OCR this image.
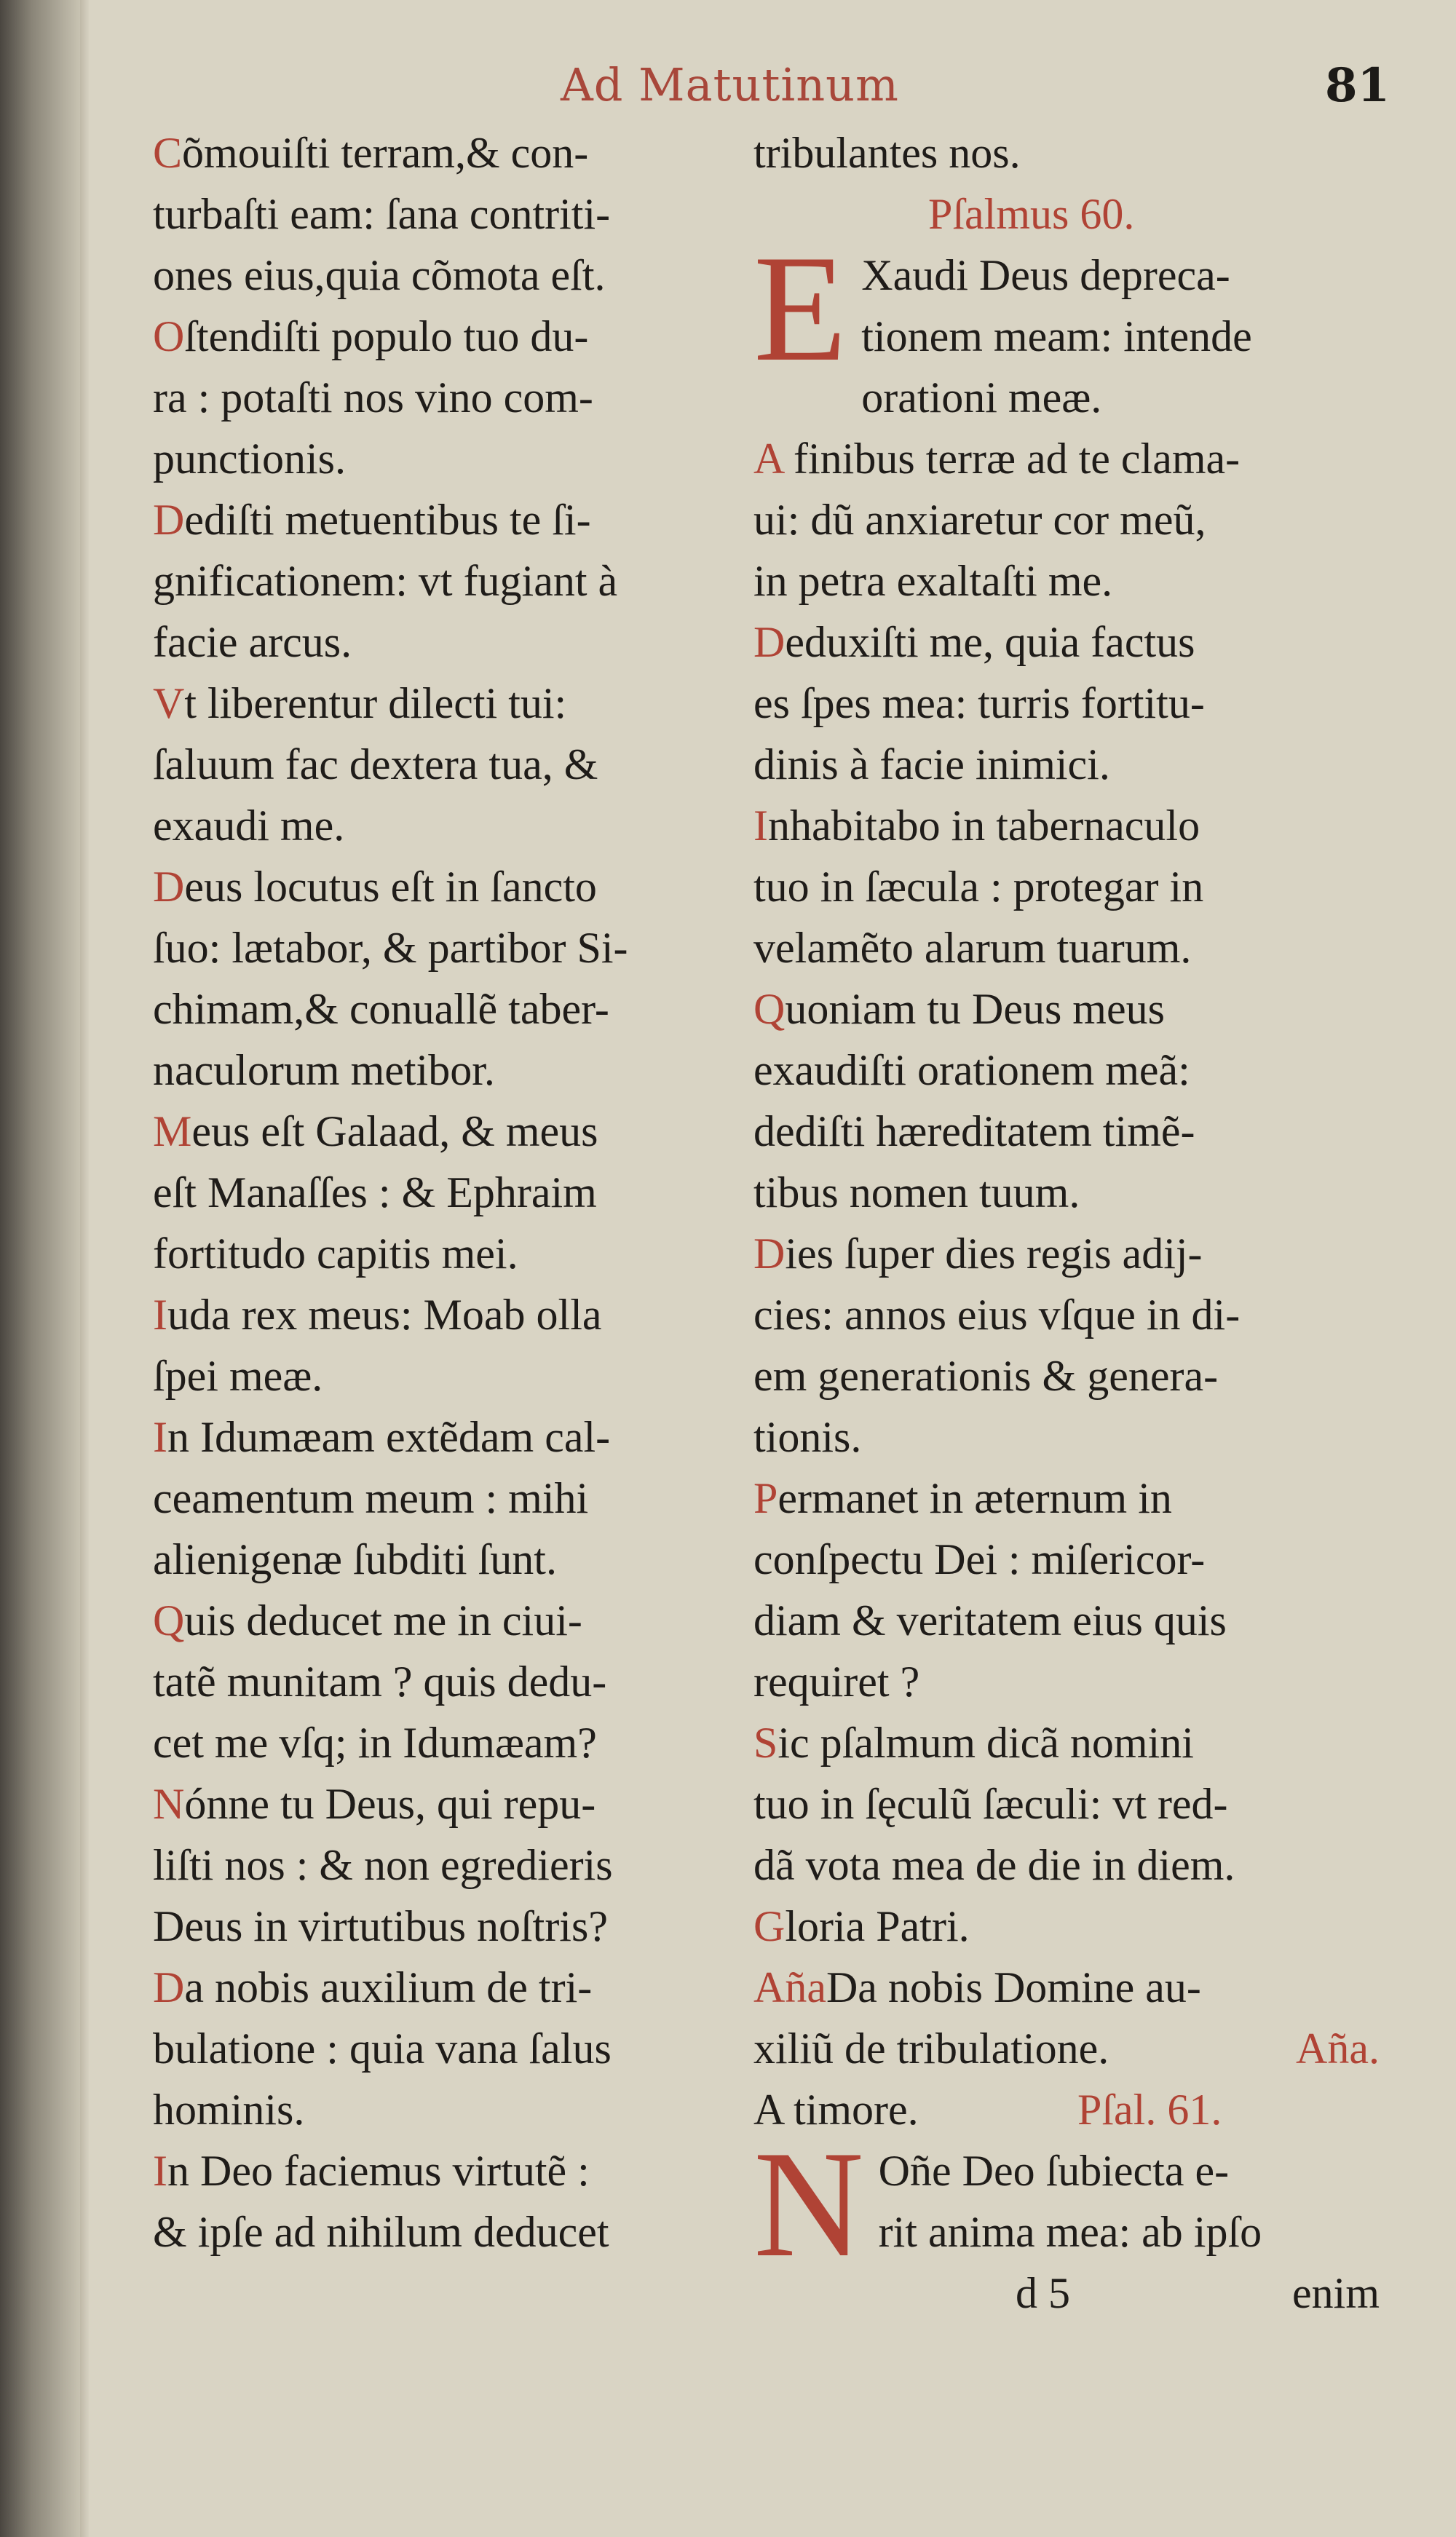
Ad Matutinum	81
Cõmouiſti terram,& con-
turbaſti eam: ſana contriti-
ones eius,quia cõmota eſt.
Oſtendiſti populo tuo du-
ra : potaſti nos vino com-
punctionis.
Dediſti metuentibus te ſi-
gnificationem: vt fugiant à
facie arcus.
Vt liberentur dilecti tui:
ſaluum fac dextera tua, &
exaudi me.
Deus locutus eſt in ſancto
ſuo: lætabor, & partibor Si-
chimam,& conuallẽ taber-
naculorum metibor.
Meus eſt Galaad, & meus
eſt Manaſſes : & Ephraim
fortitudo capitis mei.
Iuda rex meus: Moab olla
ſpei meæ.
In Idumæam extẽdam cal-
ceamentum meum : mihi
alienigenæ ſubditi ſunt.
Quis deducet me in ciui-
tatẽ munitam ? quis dedu-
cet me vſq; in Idumæam?
Nónne tu Deus, qui repu-
liſti nos : & non egredieris
Deus in virtutibus noſtris?
Da nobis auxilium de tri-
bulatione : quia vana ſalus
hominis.
In Deo faciemus virtutẽ :
& ipſe ad nihilum deducet
tribulantes nos.
Pſalmus 60.
E Xaudi Deus depreca-
tionem meam: intende
orationi meæ.
A finibus terræ ad te clama-
ui: dũ anxiaretur cor meũ,
in petra exaltaſti me.
Deduxiſti me, quia factus
es ſpes mea: turris fortitu-
dinis à facie inimici.
Inhabitabo in tabernaculo
tuo in ſæcula : protegar in
velamẽto alarum tuarum.
Quoniam tu Deus meus
exaudiſti orationem meã:
dediſti hæreditatem timẽ-
tibus nomen tuum.
Dies ſuper dies regis adij-
cies: annos eius vſque in di-
em generationis & genera-
tionis.
Permanet in æternum in
conſpectu Dei : miſericor-
diam & veritatem eius quis
requiret ?
Sic pſalmum dicã nomini
tuo in ſęculũ ſæculi: vt red-
dã vota mea de die in diem.
Gloria Patri.
AñaDa nobis Domine au-
xiliũ de tribulatione.	Aña.
A timore.	Pſal. 61.
N Oñe Deo ſubiecta e-
rit anima mea: ab ipſo
d 5	enim
